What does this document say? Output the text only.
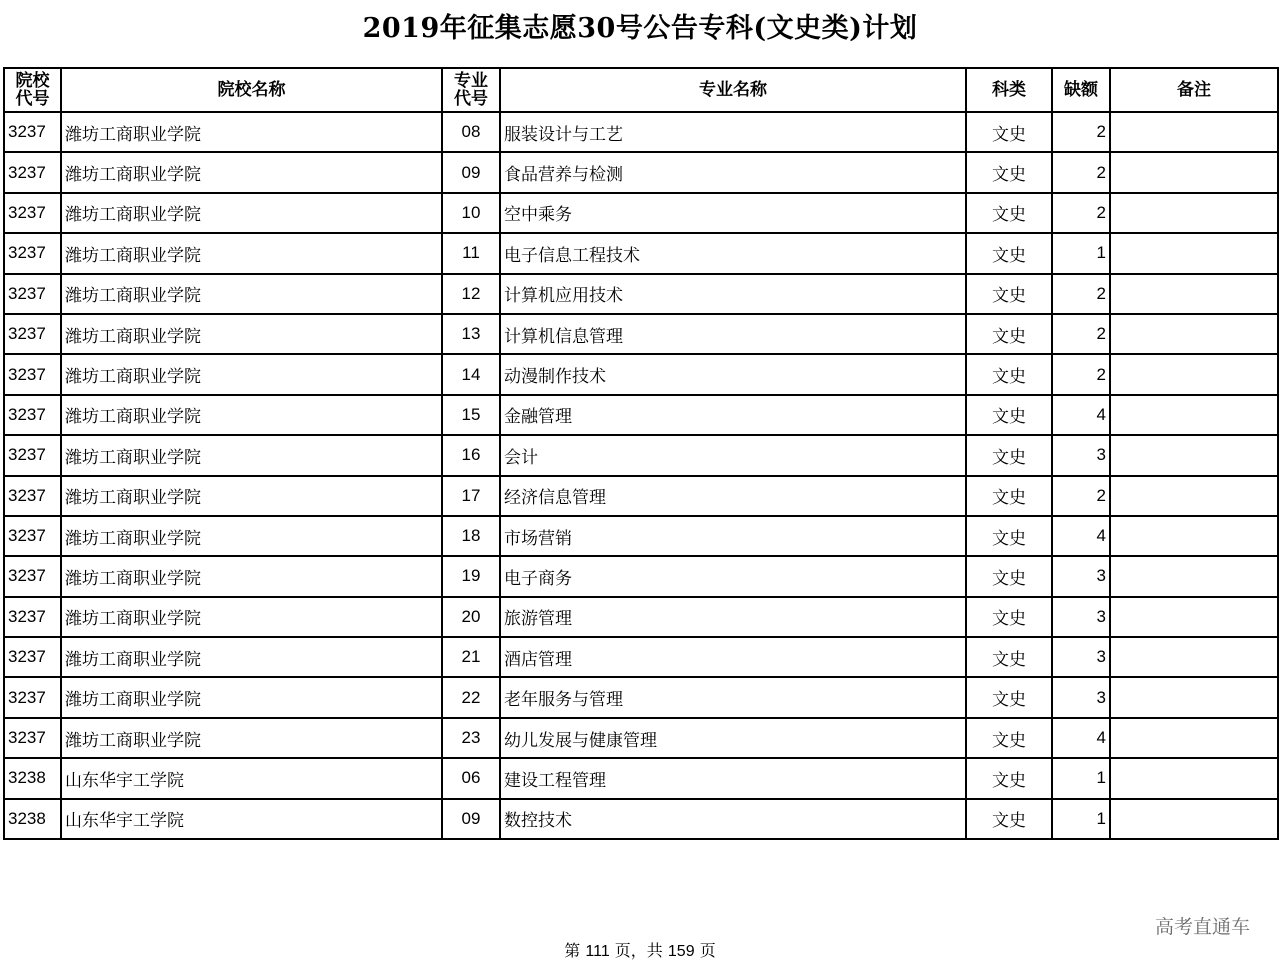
2019年征集志愿30号公告专科(文史类)计划
院校代号	院校名称	专业代号	专业名称	科类	缺额	备注
3237	潍坊工商职业学院	08	服装设计与工艺	文史	2	
3237	潍坊工商职业学院	09	食品营养与检测	文史	2	
3237	潍坊工商职业学院	10	空中乘务	文史	2	
3237	潍坊工商职业学院	11	电子信息工程技术	文史	1	
3237	潍坊工商职业学院	12	计算机应用技术	文史	2	
3237	潍坊工商职业学院	13	计算机信息管理	文史	2	
3237	潍坊工商职业学院	14	动漫制作技术	文史	2	
3237	潍坊工商职业学院	15	金融管理	文史	4	
3237	潍坊工商职业学院	16	会计	文史	3	
3237	潍坊工商职业学院	17	经济信息管理	文史	2	
3237	潍坊工商职业学院	18	市场营销	文史	4	
3237	潍坊工商职业学院	19	电子商务	文史	3	
3237	潍坊工商职业学院	20	旅游管理	文史	3	
3237	潍坊工商职业学院	21	酒店管理	文史	3	
3237	潍坊工商职业学院	22	老年服务与管理	文史	3	
3237	潍坊工商职业学院	23	幼儿发展与健康管理	文史	4	
3238	山东华宇工学院	06	建设工程管理	文史	1	
3238	山东华宇工学院	09	数控技术	文史	1	
高考直通车
第 111 页，共 159 页
